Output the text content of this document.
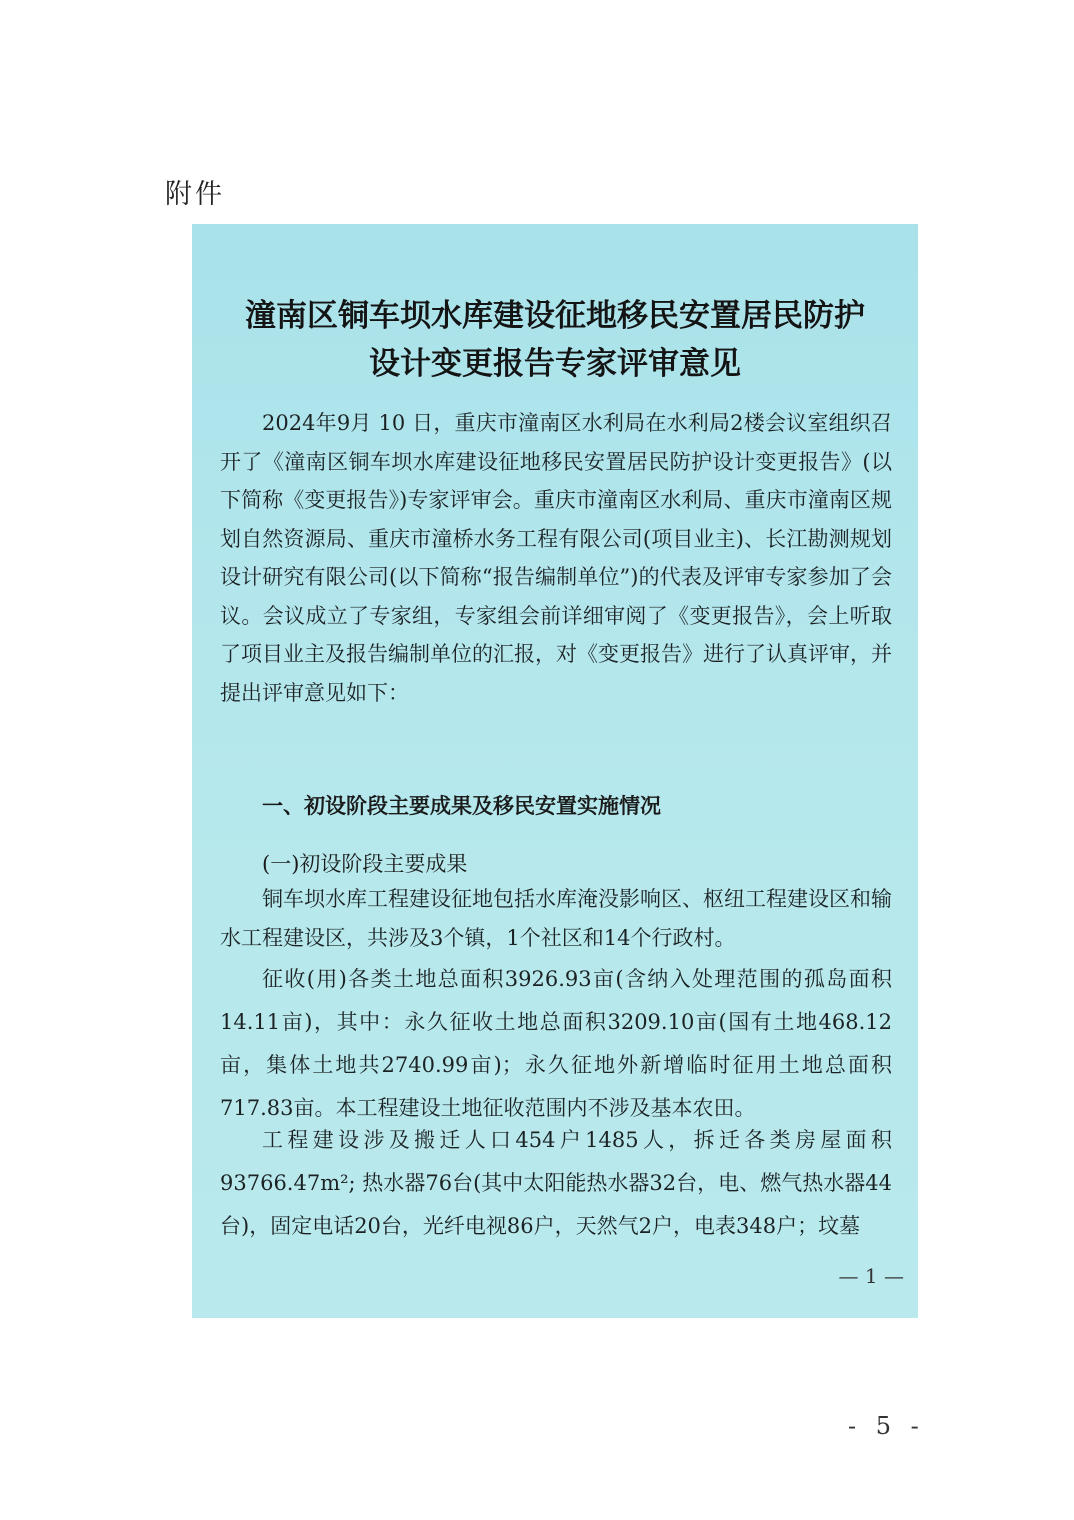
附件
潼南区铜车坝水库建设征地移民安置居民防护
设计变更报告专家评审意见
2024年9月 10 日，重庆市潼南区水利局在水利局2楼会议室组织召开了《潼南区铜车坝水库建设征地移民安置居民防护设计变更报告》(以下简称《变更报告》)专家评审会。重庆市潼南区水利局、重庆市潼南区规划自然资源局、重庆市潼桥水务工程有限公司(项目业主)、长江勘测规划设计研究有限公司(以下简称“报告编制单位”)的代表及评审专家参加了会议。会议成立了专家组，专家组会前详细审阅了《变更报告》，会上听取了项目业主及报告编制单位的汇报，对《变更报告》进行了认真评审，并提出评审意见如下：
一、初设阶段主要成果及移民安置实施情况
(一)初设阶段主要成果
铜车坝水库工程建设征地包括水库淹没影响区、枢纽工程建设区和输水工程建设区，共涉及3个镇，1个社区和14个行政村。
征收(用)各类土地总面积3926.93亩(含纳入处理范围的孤岛面积14.11亩)，其中：永久征收土地总面积3209.10亩(国有土地468.12亩，集体土地共2740.99亩)；永久征地外新增临时征用土地总面积717.83亩。本工程建设土地征收范围内不涉及基本农田。
工程建设涉及搬迁人口454户1485人，拆迁各类房屋面积93766.47m²; 热水器76台(其中太阳能热水器32台，电、燃气热水器44台)，固定电话20台，光纤电视86户，天然气2户，电表348户；坟墓
— 1 —
- 5 -
